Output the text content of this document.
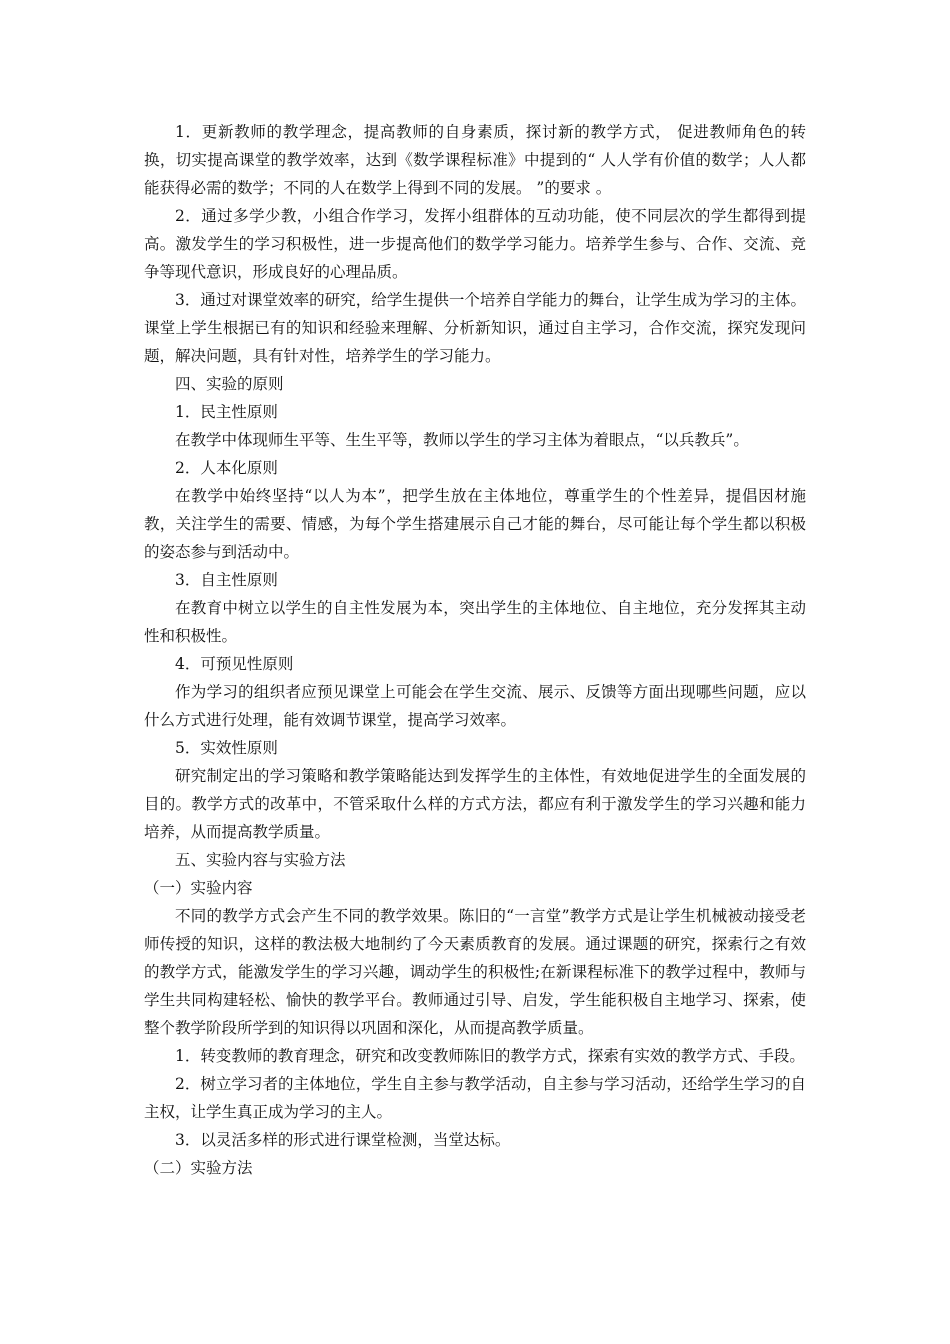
1．更新教师的教学理念，提高教师的自身素质，探讨新的教学方式， 促进教师角色的转换，切实提高课堂的教学效率，达到《数学课程标准》中提到的“ 人人学有价值的数学；人人都能获得必需的数学；不同的人在数学上得到不同的发展。 ”的要求 。

2．通过多学少教，小组合作学习，发挥小组群体的互动功能，使不同层次的学生都得到提高。激发学生的学习积极性，进一步提高他们的数学学习能力。培养学生参与、合作、交流、竞争等现代意识，形成良好的心理品质。

3．通过对课堂效率的研究，给学生提供一个培养自学能力的舞台，让学生成为学习的主体。课堂上学生根据已有的知识和经验来理解、分析新知识，通过自主学习，合作交流，探究发现问题，解决问题，具有针对性，培养学生的学习能力。

四、实验的原则

1．民主性原则

在教学中体现师生平等、生生平等，教师以学生的学习主体为着眼点，“以兵教兵”。

2．人本化原则

在教学中始终坚持“以人为本”，把学生放在主体地位，尊重学生的个性差异，提倡因材施教，关注学生的需要、情感，为每个学生搭建展示自己才能的舞台，尽可能让每个学生都以积极的姿态参与到活动中。

3．自主性原则

在教育中树立以学生的自主性发展为本，突出学生的主体地位、自主地位，充分发挥其主动性和积极性。

4．可预见性原则

作为学习的组织者应预见课堂上可能会在学生交流、展示、反馈等方面出现哪些问题，应以什么方式进行处理，能有效调节课堂，提高学习效率。

5．实效性原则

研究制定出的学习策略和教学策略能达到发挥学生的主体性，有效地促进学生的全面发展的目的。教学方式的改革中，不管采取什么样的方式方法，都应有利于激发学生的学习兴趣和能力培养，从而提高教学质量。

五、实验内容与实验方法

（一）实验内容

不同的教学方式会产生不同的教学效果。陈旧的“一言堂”教学方式是让学生机械被动接受老师传授的知识，这样的教法极大地制约了今天素质教育的发展。通过课题的研究，探索行之有效的教学方式，能激发学生的学习兴趣，调动学生的积极性;在新课程标准下的教学过程中，教师与学生共同构建轻松、愉快的教学平台。教师通过引导、启发，学生能积极自主地学习、探索，使整个教学阶段所学到的知识得以巩固和深化，从而提高教学质量。

1．转变教师的教育理念，研究和改变教师陈旧的教学方式，探索有实效的教学方式、手段。

2．树立学习者的主体地位，学生自主参与教学活动，自主参与学习活动，还给学生学习的自主权，让学生真正成为学习的主人。

3．以灵活多样的形式进行课堂检测，当堂达标。

（二）实验方法
